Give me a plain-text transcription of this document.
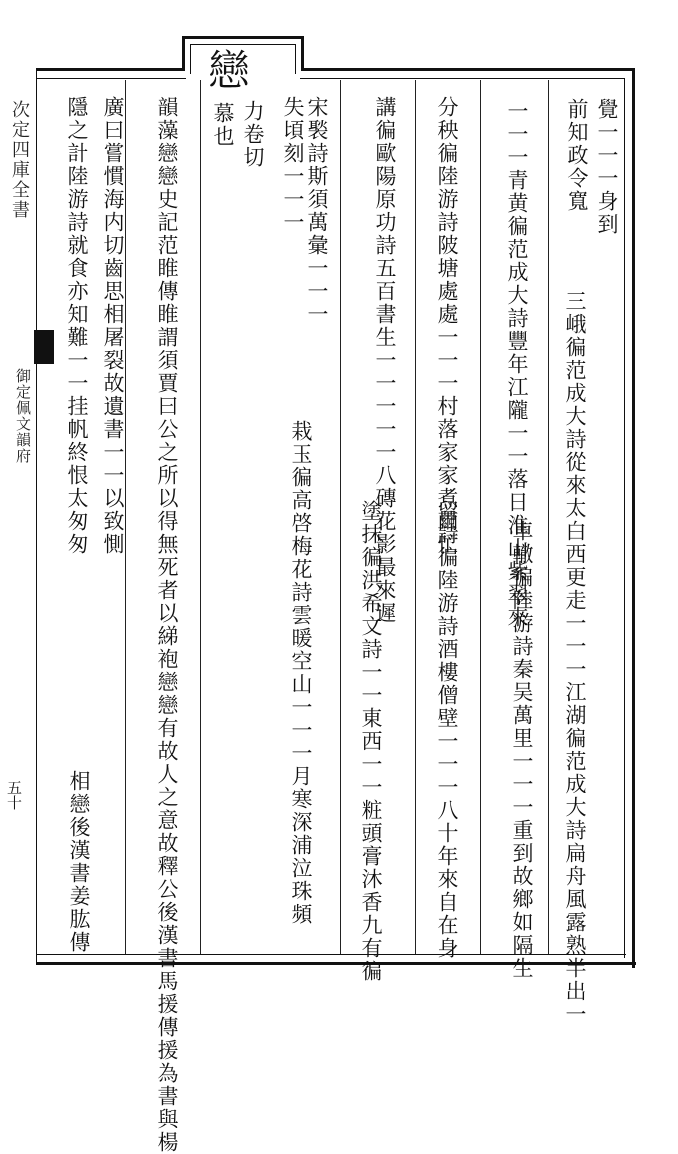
次定四庫全書
御定佩文韻府
五十
戀
覺一一一身到
前知政令寬
三峨徧范成大詩從來太白西更走一一一江湖徧范成大詩扁舟風露熟半出一
一一一青黄徧范成大詩豐年江隴一一落日淮山紫翠來
車轍徧陸游詩秦吴萬里一一一重到故鄉如隔生
分秧徧陸游詩陂塘處處一一一村落家家煮繭忙
留詩徧陸游詩酒樓僧壁一一一八十年來自在身
講徧歐陽原功詩五百書生一一一一一八磚花影最來遲
塗抹徧洪希文詩一一東西一一粧頭膏沐香九有徧
宋褧詩斯須萬彙一一一
失頃刻一一一
栽玉徧高啓梅花詩雲暖空山一一一月寒深浦泣珠頻
力卷切
慕也
韻藻戀戀史記范睢傳睢謂須賈曰公之所以得無死者以綈袍戀戀有故人之意故釋公後漢書馬援傳援為書與楊
廣曰嘗慣海内切齒思相屠裂故遺書一一以致惻
隱之計陸游詩就食亦知難一一挂帆終恨太匆匆
相戀後漢書姜肱傳
